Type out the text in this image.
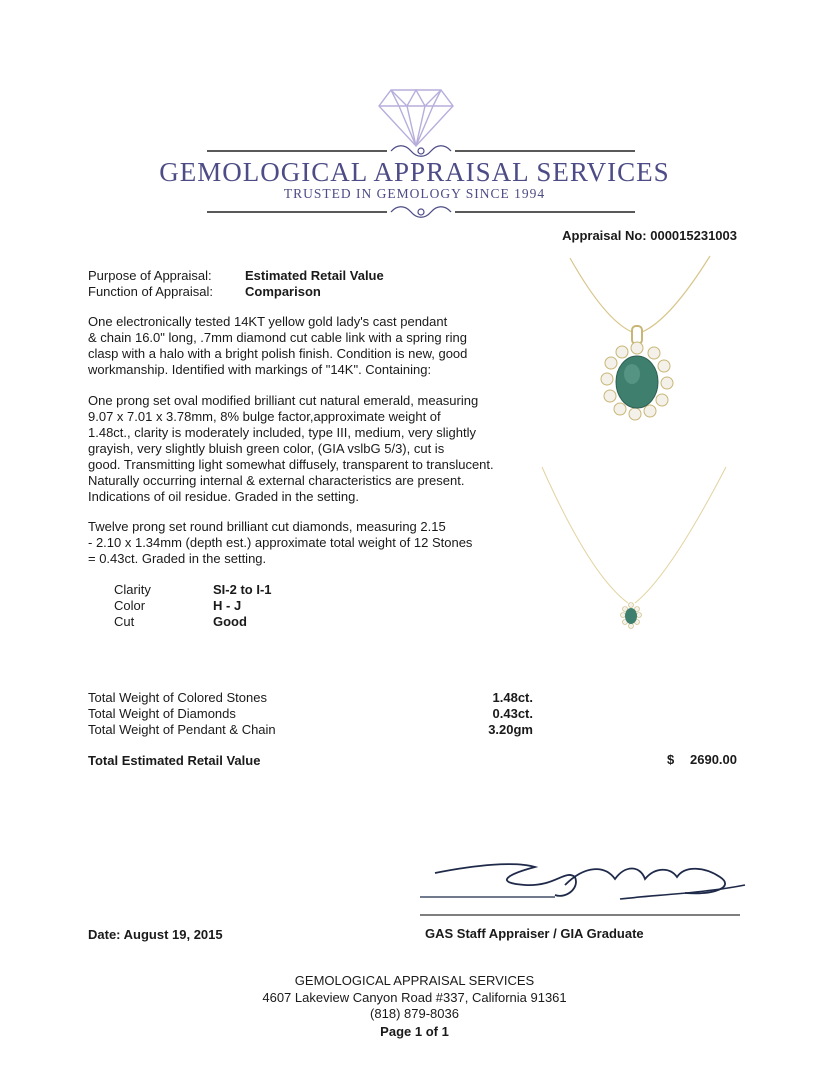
GEMOLOGICAL APPRAISAL SERVICES
TRUSTED IN GEMOLOGY SINCE 1994
Appraisal No: 000015231003
Purpose of Appraisal:	Estimated Retail Value
Function of Appraisal: Comparison
One electronically tested 14KT yellow gold lady's cast pendant
& chain 16.0" long, .7mm diamond cut cable link with a spring ring
clasp with a halo with a bright polish finish. Condition is new, good
workmanship. Identified with markings of "14K". Containing:
One prong set oval modified brilliant cut natural emerald, measuring
9.07 x 7.01 x 3.78mm, 8% bulge factor,approximate weight of
1.48ct., clarity is moderately included, type III, medium, very slightly
grayish, very slightly bluish green color, (GIA vslbG 5/3), cut is
good. Transmitting light somewhat diffusely, transparent to translucent.
Naturally occurring internal & external characteristics are present.
Indications of oil residue. Graded in the setting.
Twelve prong set round brilliant cut diamonds, measuring 2.15
- 2.10 x 1.34mm (depth est.) approximate total weight of 12 Stones
= 0.43ct. Graded in the setting.
Clarity	SI-2 to I-1
Color	H - J
Cut	Good
Total Weight of Colored Stones	1.48ct.
Total Weight of Diamonds	0.43ct.
Total Weight of Pendant & Chain	3.20gm
Total Estimated Retail Value	$ 2690.00
Date: August 19, 2015	GAS Staff Appraiser / GIA Graduate
GEMOLOGICAL APPRAISAL SERVICES
4607 Lakeview Canyon Road #337, California 91361
(818) 879-8036
Page 1 of 1
